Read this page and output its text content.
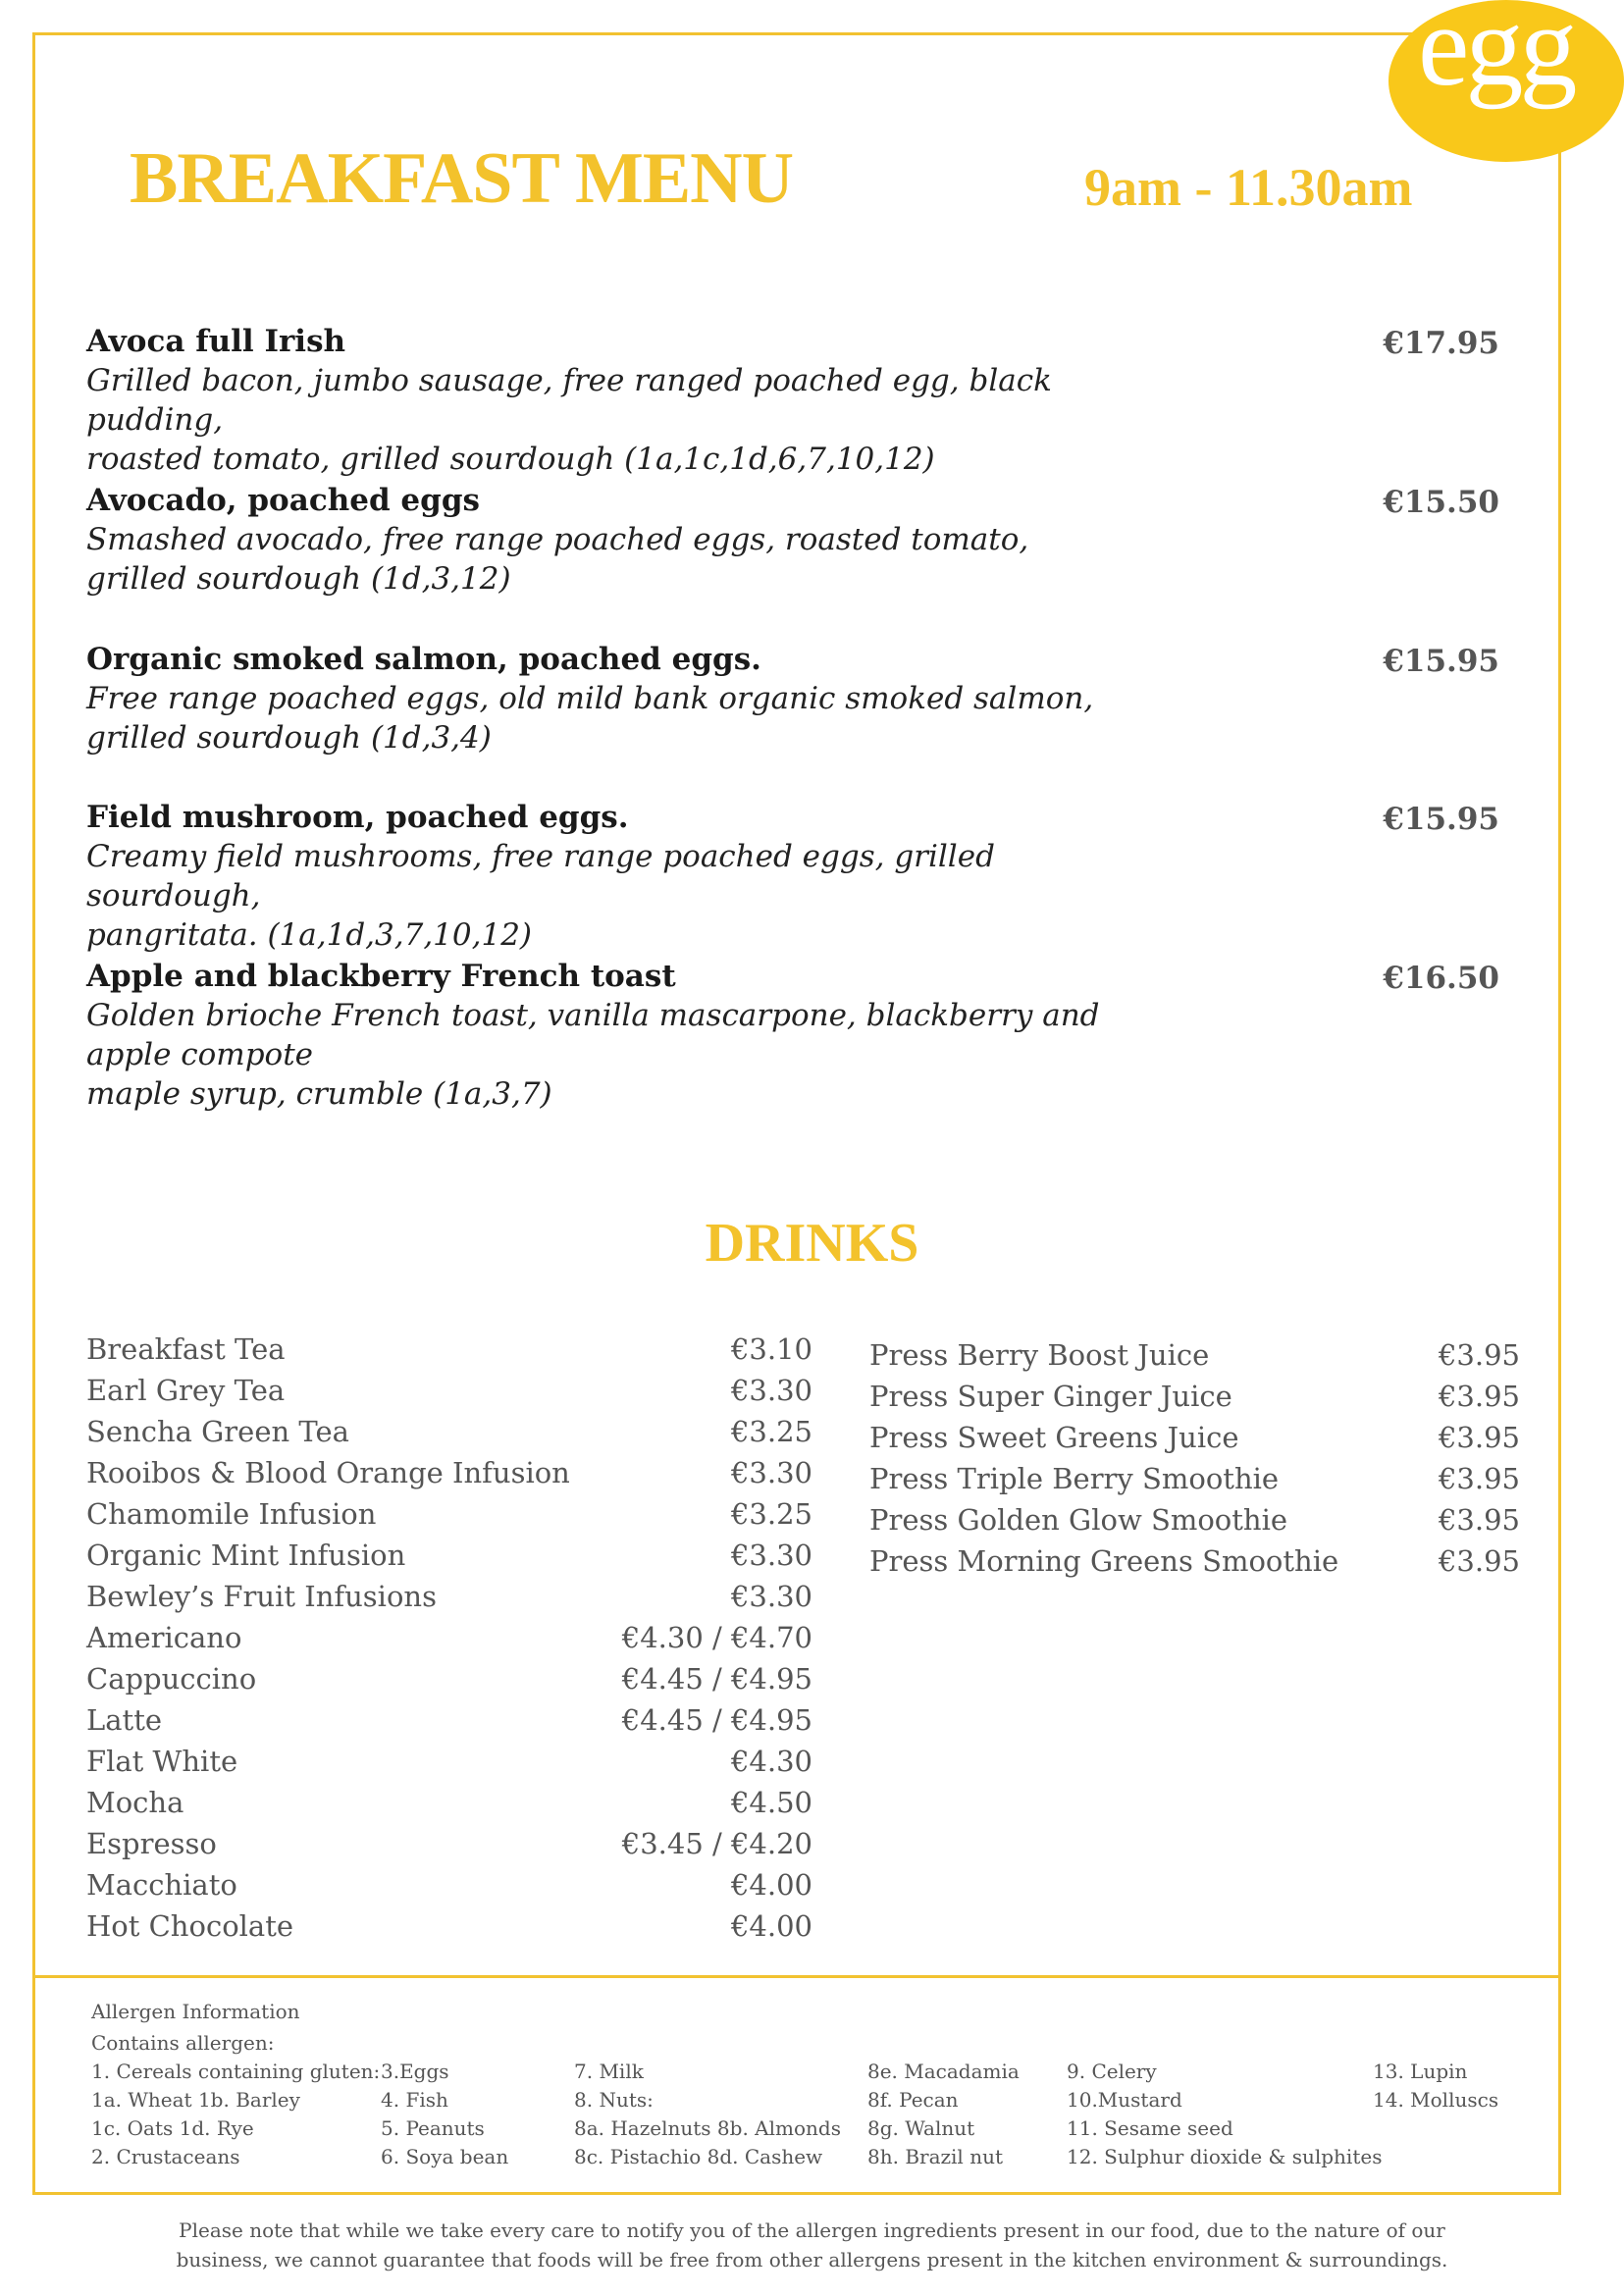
egg
BREAKFAST MENU	9am - 11.30am
Avoca full Irish
Grilled bacon, jumbo sausage, free ranged poached egg, black pudding,
roasted tomato, grilled sourdough (1a,1c,1d,6,7,10,12)
€17.95
Avocado, poached eggs
Smashed avocado, free range poached eggs, roasted tomato,
grilled sourdough (1d,3,12)
€15.50
Organic smoked salmon, poached eggs.
Free range poached eggs, old mild bank organic smoked salmon,
grilled sourdough (1d,3,4)
€15.95
Field mushroom, poached eggs.
Creamy field mushrooms, free range poached eggs, grilled sourdough,
pangritata. (1a,1d,3,7,10,12)
€15.95
Apple and blackberry French toast
Golden brioche French toast, vanilla mascarpone, blackberry and apple compote
maple syrup, crumble (1a,3,7)
€16.50
DRINKS
Breakfast Tea	€3.10
Earl Grey Tea	€3.30
Sencha Green Tea	€3.25
Rooibos & Blood Orange Infusion	€3.30
Chamomile Infusion	€3.25
Organic Mint Infusion	€3.30
Bewley’s Fruit Infusions	€3.30
Americano	€4.30 / €4.70
Cappuccino	€4.45 / €4.95
Latte	€4.45 / €4.95
Flat White	€4.30
Mocha	€4.50
Espresso	€3.45 / €4.20
Macchiato	€4.00
Hot Chocolate	€4.00
Press Berry Boost Juice	€3.95
Press Super Ginger Juice	€3.95
Press Sweet Greens Juice	€3.95
Press Triple Berry Smoothie	€3.95
Press Golden Glow Smoothie	€3.95
Press Morning Greens Smoothie	€3.95
Allergen Information
Contains allergen:
1. Cereals containing gluten:
1a. Wheat 1b. Barley
1c. Oats 1d. Rye
2. Crustaceans
3.Eggs
4. Fish
5. Peanuts
6. Soya bean
7. Milk
8. Nuts:
8a. Hazelnuts 8b. Almonds
8c. Pistachio 8d. Cashew
8e. Macadamia
8f. Pecan
8g. Walnut
8h. Brazil nut
9. Celery
10.Mustard
11. Sesame seed
12. Sulphur dioxide & sulphites
13. Lupin
14. Molluscs
Please note that while we take every care to notify you of the allergen ingredients present in our food, due to the nature of our
business, we cannot guarantee that foods will be free from other allergens present in the kitchen environment & surroundings.
